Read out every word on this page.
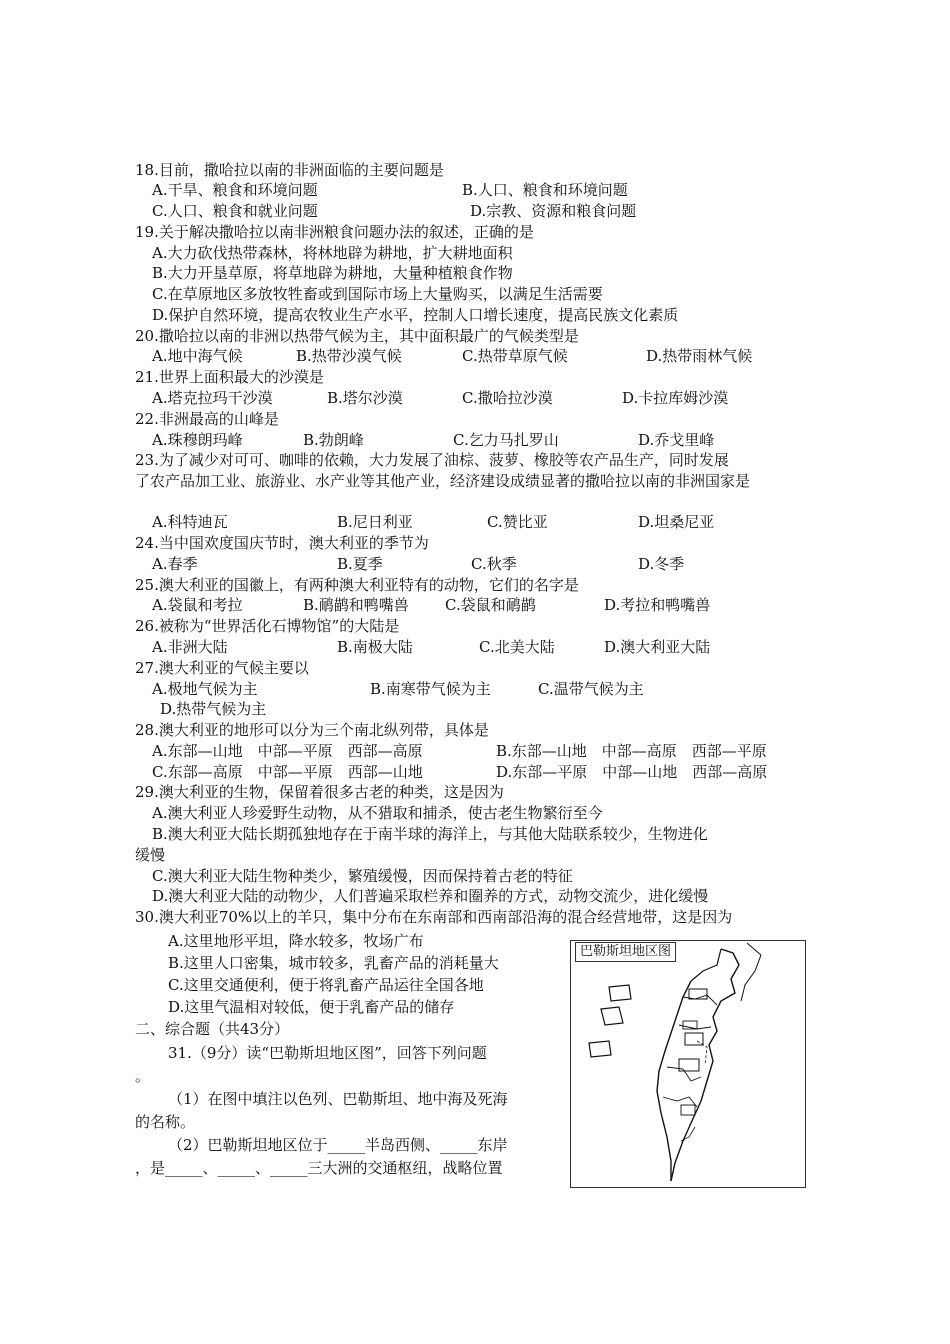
18.目前，撒哈拉以南的非洲面临的主要问题是
A.干旱、粮食和环境问题	B.人口、粮食和环境问题
C.人口、粮食和就业问题	D.宗教、资源和粮食问题
19.关于解决撒哈拉以南非洲粮食问题办法的叙述，正确的是
A.大力砍伐热带森林，将林地辟为耕地，扩大耕地面积
B.大力开垦草原，将草地辟为耕地，大量种植粮食作物
C.在草原地区多放牧牲畜或到国际市场上大量购买，以满足生活需要
D.保护自然环境，提高农牧业生产水平，控制人口增长速度，提高民族文化素质
20.撒哈拉以南的非洲以热带气候为主，其中面积最广的气候类型是
A.地中海气候	B.热带沙漠气候	C.热带草原气候	D.热带雨林气候
21.世界上面积最大的沙漠是
A.塔克拉玛干沙漠	B.塔尔沙漠	C.撒哈拉沙漠	D.卡拉库姆沙漠
22.非洲最高的山峰是
A.珠穆朗玛峰	B.勃朗峰	C.乞力马扎罗山	D.乔戈里峰
23.为了减少对可可、咖啡的依赖，大力发展了油棕、菠萝、橡胶等农产品生产，同时发展
了农产品加工业、旅游业、水产业等其他产业，经济建设成绩显著的撒哈拉以南的非洲国家是
A.科特迪瓦	B.尼日利亚	C.赞比亚	D.坦桑尼亚
24.当中国欢度国庆节时，澳大利亚的季节为
A.春季	B.夏季	C.秋季	D.冬季
25.澳大利亚的国徽上，有两种澳大利亚特有的动物，它们的名字是
A.袋鼠和考拉	B.鸸鹋和鸭嘴兽 C.袋鼠和鸸鹋	D.考拉和鸭嘴兽
26.被称为“世界活化石博物馆”的大陆是
A.非洲大陆	B.南极大陆	C.北美大陆	D.澳大利亚大陆
27.澳大利亚的气候主要以
A.极地气候为主	B.南寒带气候为主	C.温带气候为主
D.热带气候为主
28.澳大利亚的地形可以分为三个南北纵列带，具体是
A.东部—山地　中部—平原　西部—高原	B.东部—山地　中部—高原　西部—平原
C.东部—高原　中部—平原　西部—山地	D.东部—平原　中部—山地　西部—高原
29.澳大利亚的生物，保留着很多古老的种类，这是因为
A.澳大利亚人珍爱野生动物，从不猎取和捕杀，使古老生物繁衍至今
B.澳大利亚大陆长期孤独地存在于南半球的海洋上，与其他大陆联系较少，生物进化
缓慢
C.澳大利亚大陆生物种类少，繁殖缓慢，因而保持着古老的特征
D.澳大利亚大陆的动物少，人们普遍采取栏养和圈养的方式，动物交流少，进化缓慢
30.澳大利亚70%以上的羊只，集中分布在东南部和西南部沿海的混合经营地带，这是因为
A.这里地形平坦，降水较多，牧场广布
B.这里人口密集，城市较多，乳畜产品的消耗量大
C.这里交通便利，便于将乳畜产品运往全国各地
D.这里气温相对较低，便于乳畜产品的储存
二、综合题（共43分）
31.（9分）读“巴勒斯坦地区图”，回答下列问题
。
（1）在图中填注以色列、巴勒斯坦、地中海及死海
的名称。
（2）巴勒斯坦地区位于_____半岛西侧、_____东岸
，是_____、_____、_____三大洲的交通枢纽，战略位置
巴勒斯坦地区图
